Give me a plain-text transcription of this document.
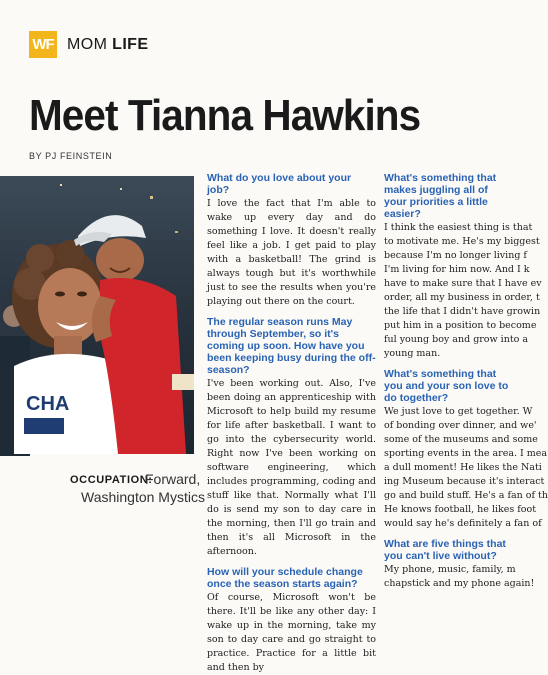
WF MOM LIFE
Meet Tianna Hawkins
BY PJ FEINSTEIN
CHA
OCCUPATION:
Forward,
Washington Mystics
What do you love about your job?
I love the fact that I'm able to wake up every day and do something I love. It doesn't really feel like a job. I get paid to play with a basketball! The grind is always tough but it's worthwhile just to see the results when you're playing out there on the court.
The regular season runs May through September, so it's coming up soon. How have you been keeping busy during the off-season?
I've been working out. Also, I've been doing an apprenticeship with Microsoft to help build my resume for life after basketball. I want to go into the cybersecurity world. Right now I've been working on software engineering, which includes programming, coding and stuff like that. Normally what I'll do is send my son to day care in the morning, then I'll go train and then it's all Microsoft in the afternoon.
How will your schedule change once the season starts again?
Of course, Microsoft won't be there. It'll be like any other day: I wake up in the morning, take my son to day care and go straight to practice. Practice for a little bit and then by
What's something that makes juggling all of your priorities a little easier?
I think the easiest thing is that
to motivate me. He's my biggest
because I'm no longer living f
I'm living for him now. And I k
have to make sure that I have ev
order, all my business in order, t
the life that I didn't have growin
put him in a position to become
ful young boy and grow into a
young man.
What's something that you and your son love to do together?
We just love to get together. W
of bonding over dinner, and we'
some of the museums and some
sporting events in the area. I mea
a dull moment! He likes the Nati
ing Museum because it's interact
go and build stuff. He's a fan of th
He knows football, he likes foot
would say he's definitely a fan of
What are five things that you can't live without?
My phone, music, family, m
chapstick and my phone again!
